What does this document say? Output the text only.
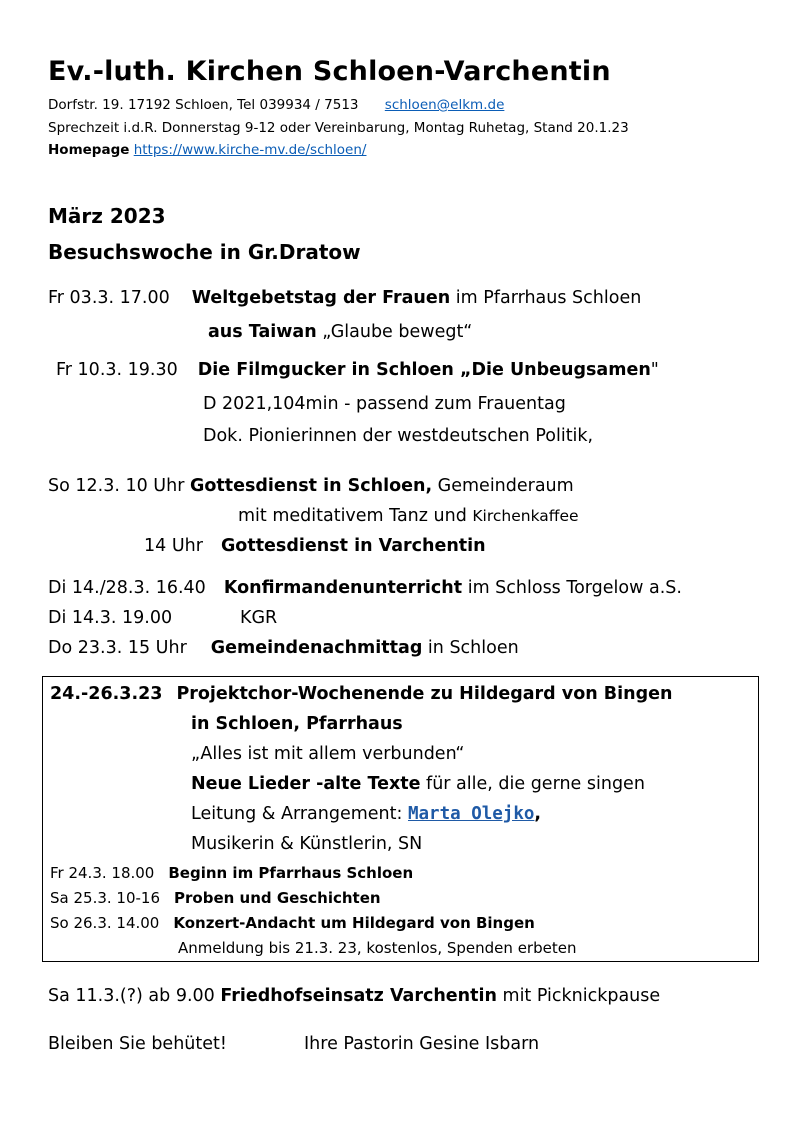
Ev.-luth. Kirchen Schloen-Varchentin
Dorfstr. 19. 17192 Schloen, Tel 039934 / 7513 schloen@elkm.de
Sprechzeit i.d.R. Donnerstag 9-12 oder Vereinbarung, Montag Ruhetag, Stand 20.1.23
Homepage https://www.kirche-mv.de/schloen/
März 2023
Besuchswoche in Gr.Dratow
Fr 03.3. 17.00 Weltgebetstag der Frauen im Pfarrhaus Schloen
aus Taiwan „Glaube bewegt“
Fr 10.3. 19.30 Die Filmgucker in Schloen „Die Unbeugsamen"
D 2021,104min - passend zum Frauentag
Dok. Pionierinnen der westdeutschen Politik,
So 12.3. 10 Uhr Gottesdienst in Schloen, Gemeinderaum
mit meditativem Tanz und Kirchenkaffee
14 Uhr Gottesdienst in Varchentin
Di 14./28.3. 16.40 Konfirmandenunterricht im Schloss Torgelow a.S.
Di 14.3. 19.00	KGR
Do 23.3. 15 Uhr Gemeindenachmittag in Schloen
24.-26.3.23 Projektchor-Wochenende zu Hildegard von Bingen
in Schloen, Pfarrhaus
„Alles ist mit allem verbunden“
Neue Lieder -alte Texte für alle, die gerne singen
Leitung & Arrangement: Marta Olejko,
Musikerin & Künstlerin, SN
Fr 24.3. 18.00 Beginn im Pfarrhaus Schloen
Sa 25.3. 10-16 Proben und Geschichten
So 26.3. 14.00 Konzert-Andacht um Hildegard von Bingen
Anmeldung bis 21.3. 23, kostenlos, Spenden erbeten
Sa 11.3.(?) ab 9.00 Friedhofseinsatz Varchentin mit Picknickpause
Bleiben Sie behütet!	Ihre Pastorin Gesine Isbarn
